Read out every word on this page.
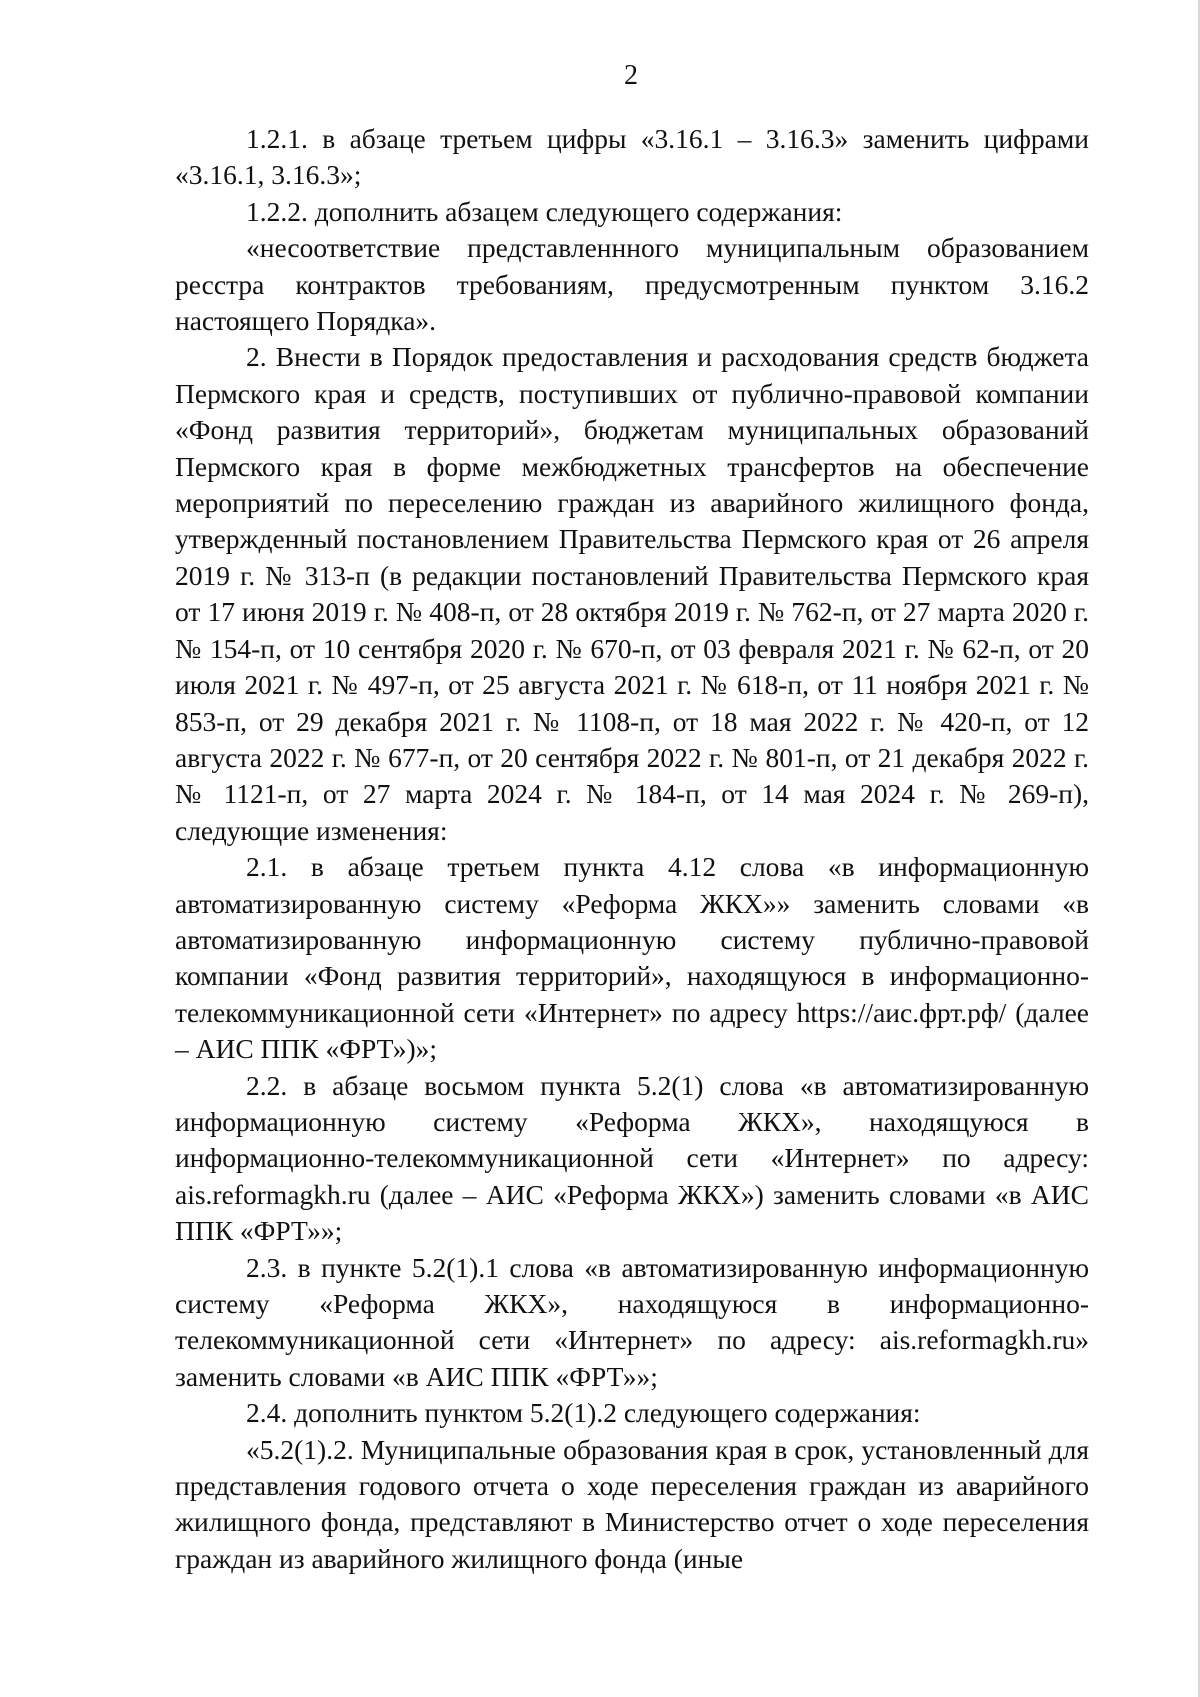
2

1.2.1. в абзаце третьем цифры «3.16.1 – 3.16.3» заменить цифрами «3.16.1, 3.16.3»;

1.2.2. дополнить абзацем следующего содержания:

«несоответствие представленнного муниципальным образованием ресстра контрактов требованиям, предусмотренным пунктом 3.16.2 настоящего Порядка».

2. Внести в Порядок предоставления и расходования средств бюджета Пермского края и средств, поступивших от публично-правовой компании «Фонд развития территорий», бюджетам муниципальных образований Пермского края в форме межбюджетных трансфертов на обеспечение мероприятий по переселению граждан из аварийного жилищного фонда, утвержденный постановлением Правительства Пермского края от 26 апреля 2019 г. № 313-п (в редакции постановлений Правительства Пермского края от 17 июня 2019 г. № 408-п, от 28 октября 2019 г. № 762-п, от 27 марта 2020 г. № 154-п, от 10 сентября 2020 г. № 670-п, от 03 февраля 2021 г. № 62-п, от 20 июля 2021 г. № 497-п, от 25 августа 2021 г. № 618-п, от 11 ноября 2021 г. № 853-п, от 29 декабря 2021 г. № 1108-п, от 18 мая 2022 г. № 420-п, от 12 августа 2022 г. № 677-п, от 20 сентября 2022 г. № 801-п, от 21 декабря 2022 г. № 1121-п, от 27 марта 2024 г. № 184-п, от 14 мая 2024 г. № 269-п), следующие изменения:

2.1. в абзаце третьем пункта 4.12 слова «в информационную автоматизированную систему «Реформа ЖКХ»» заменить словами «в автоматизированную информационную систему публично-правовой компании «Фонд развития территорий», находящуюся в информационно-телекоммуникационной сети «Интернет» по адресу https://аис.фрт.рф/ (далее – АИС ППК «ФРТ»)»;

2.2. в абзаце восьмом пункта 5.2(1) слова «в автоматизированную информационную систему «Реформа ЖКХ», находящуюся в информационно-телекоммуникационной сети «Интернет» по адресу: ais.reformagkh.ru (далее – АИС «Реформа ЖКХ») заменить словами «в АИС ППК «ФРТ»»;

2.3. в пункте 5.2(1).1 слова «в автоматизированную информационную систему «Реформа ЖКХ», находящуюся в информационно-телекоммуникационной сети «Интернет» по адресу: ais.reformagkh.ru» заменить словами «в АИС ППК «ФРТ»»;

2.4. дополнить пунктом 5.2(1).2 следующего содержания:

«5.2(1).2. Муниципальные образования края в срок, установленный для представления годового отчета о ходе переселения граждан из аварийного жилищного фонда, представляют в Министерство отчет о ходе переселения граждан из аварийного жилищного фонда (иные
